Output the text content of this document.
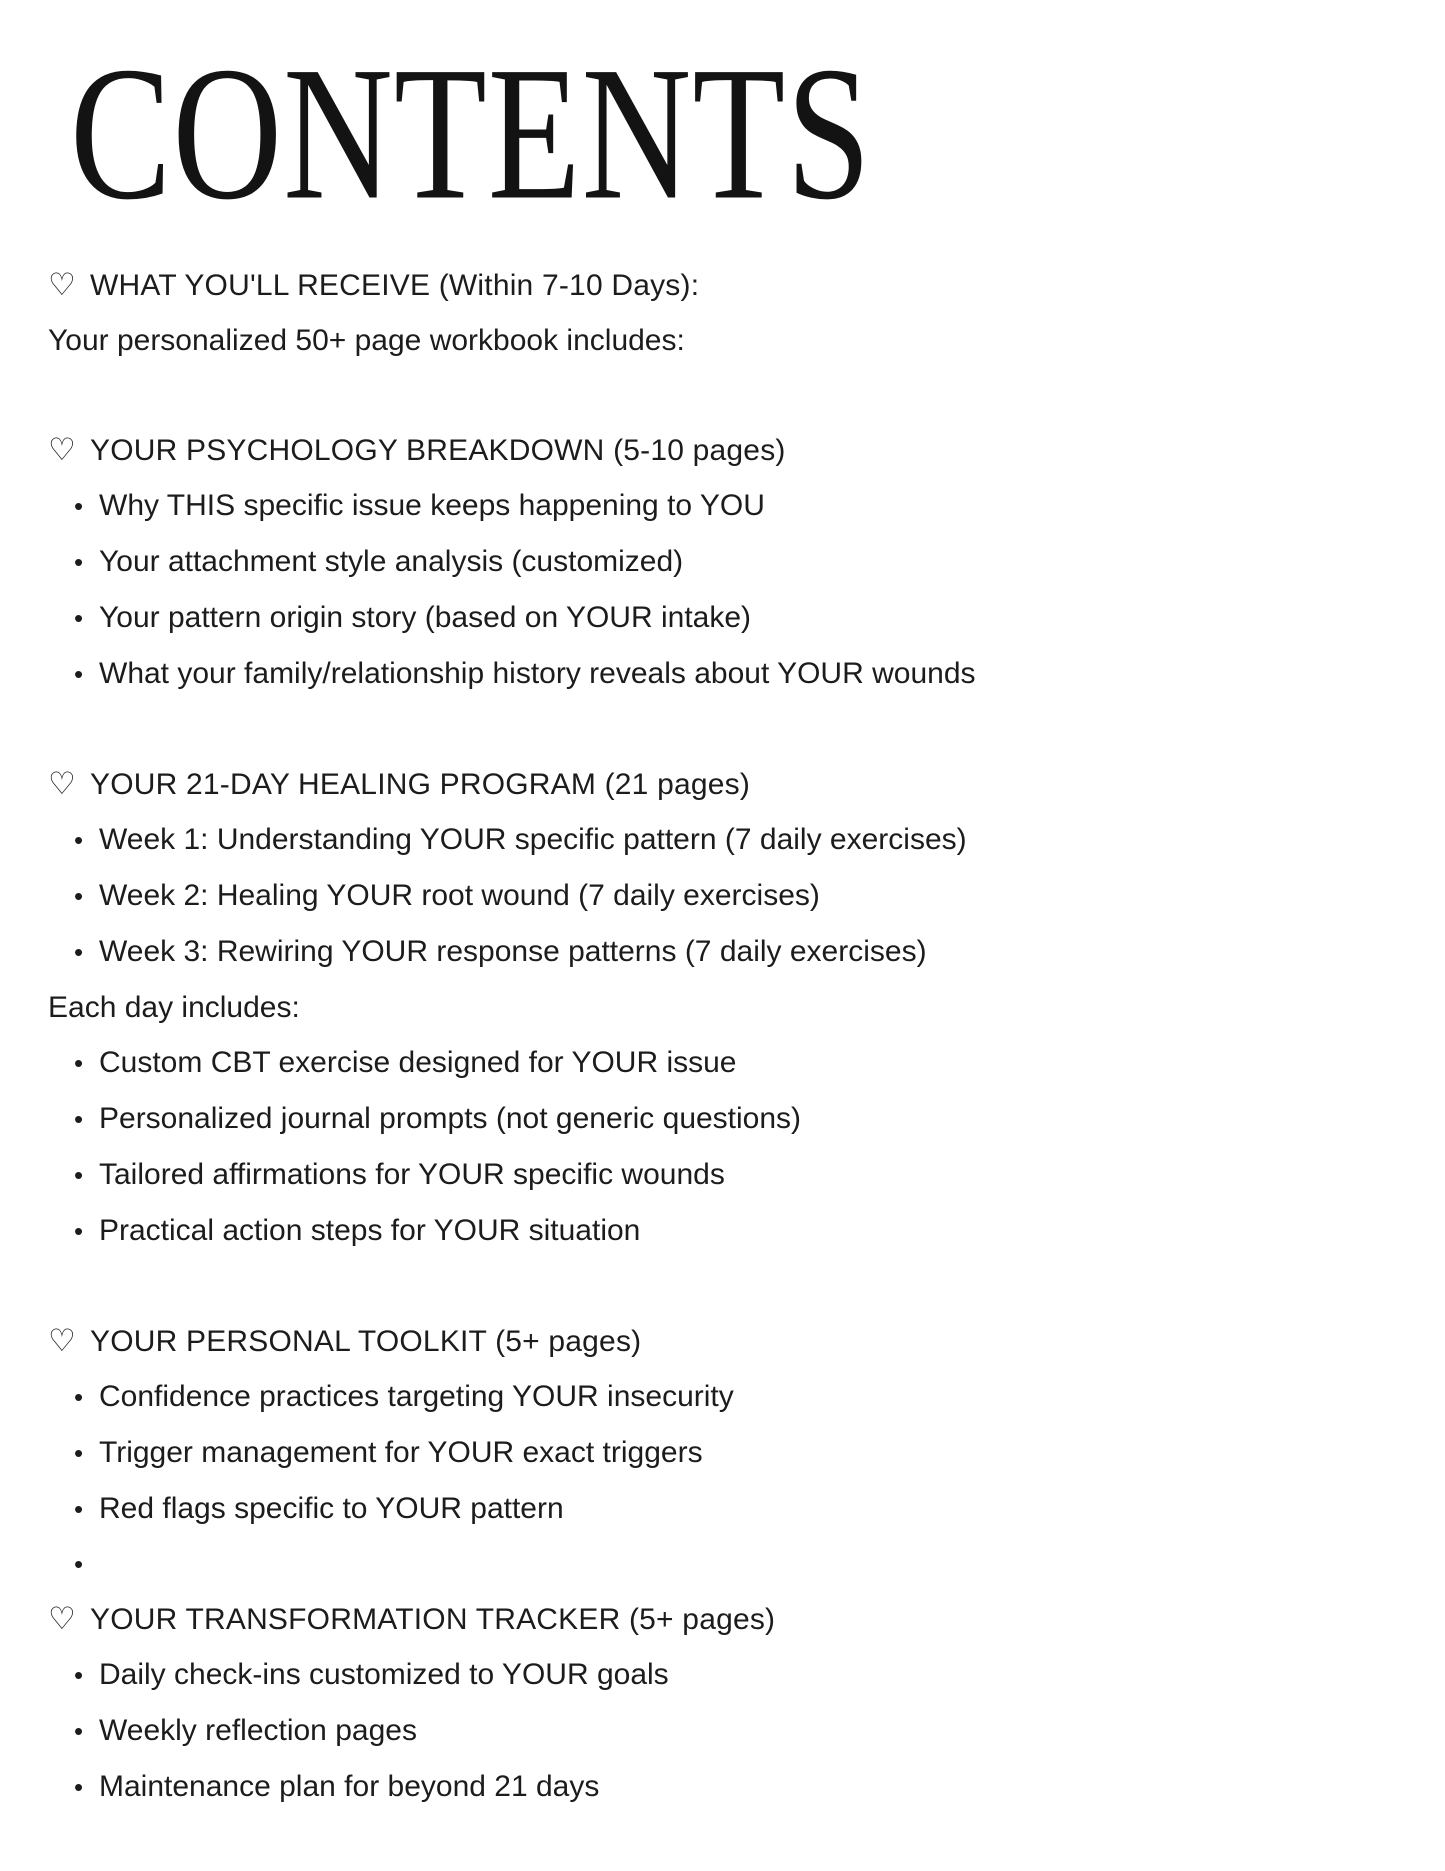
CONTENTS
♡ WHAT YOU'LL RECEIVE (Within 7-10 Days):

Your personalized 50+ page workbook includes:

♡ YOUR PSYCHOLOGY BREAKDOWN (5-10 pages)
• Why THIS specific issue keeps happening to YOU
• Your attachment style analysis (customized)
• Your pattern origin story (based on YOUR intake)
• What your family/relationship history reveals about YOUR wounds
♡ YOUR 21-DAY HEALING PROGRAM (21 pages)
• Week 1: Understanding YOUR specific pattern (7 daily exercises)
• Week 2: Healing YOUR root wound (7 daily exercises)
• Week 3: Rewiring YOUR response patterns (7 daily exercises)
Each day includes:
• Custom CBT exercise designed for YOUR issue
• Personalized journal prompts (not generic questions)
• Tailored affirmations for YOUR specific wounds
• Practical action steps for YOUR situation
♡ YOUR PERSONAL TOOLKIT (5+ pages)
• Confidence practices targeting YOUR insecurity
• Trigger management for YOUR exact triggers
• Red flags specific to YOUR pattern
•
♡ YOUR TRANSFORMATION TRACKER (5+ pages)
• Daily check-ins customized to YOUR goals
• Weekly reflection pages
• Maintenance plan for beyond 21 days
